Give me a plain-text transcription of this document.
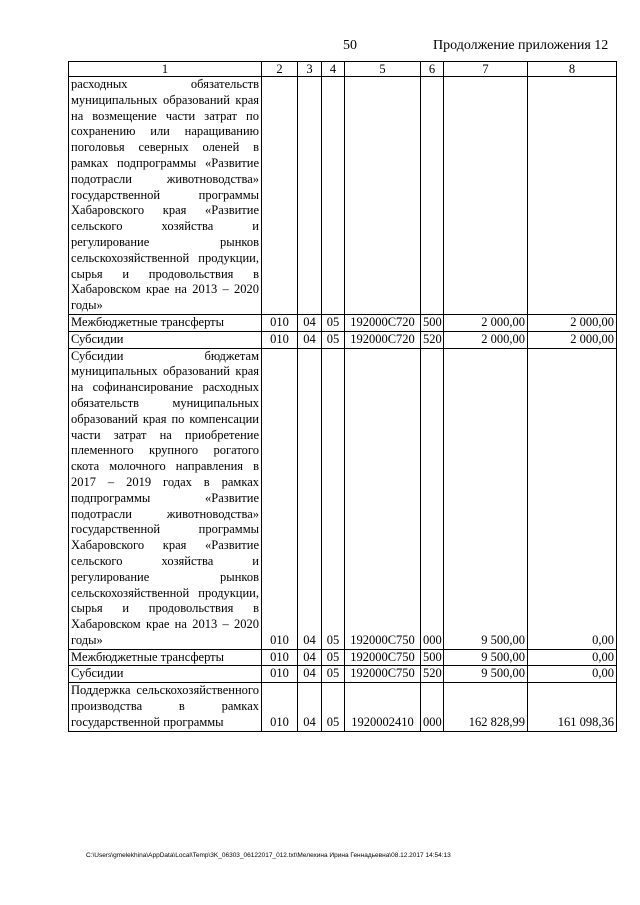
50	Продолжение приложения 12
1	2	3	4	5	6	7	8
расходных обязательств муниципальных образований края на возмещение части затрат по сохранению или наращиванию поголовья северных оленей в рамках подпрограммы «Развитие подотрасли животноводства» государственной программы Хабаровского края «Развитие сельского хозяйства и регулирование рынков сельскохозяйственной продукции, сырья и продовольствия в Хабаровском крае на 2013 – 2020 годы»							
Межбюджетные трансферты	010	04	05	192000С720	500	2 000,00	2 000,00
Субсидии	010	04	05	192000С720	520	2 000,00	2 000,00
Субсидии бюджетам муниципальных образований края на софинансирование расходных обязательств муниципальных образований края по компенсации части затрат на приобретение племенного крупного рогатого скота молочного направления в 2017 – 2019 годах в рамках подпрограммы «Развитие подотрасли животноводства» государственной программы Хабаровского края «Развитие сельского хозяйства и регулирование рынков сельскохозяйственной продукции, сырья и продовольствия в Хабаровском крае на 2013 – 2020 годы»	010	04	05	192000С750	000	9 500,00	0,00
Межбюджетные трансферты	010	04	05	192000С750	500	9 500,00	0,00
Субсидии	010	04	05	192000С750	520	9 500,00	0,00
Поддержка сельскохозяйственного производства в рамках государственной программы	010	04	05	1920002410	000	162 828,99	161 098,36
C:\Users\gmelekhina\AppData\Local\Temp\3K_06303_06122017_012.txt\Мелехина Ирина Геннадьевна\08.12.2017 14:54:13
